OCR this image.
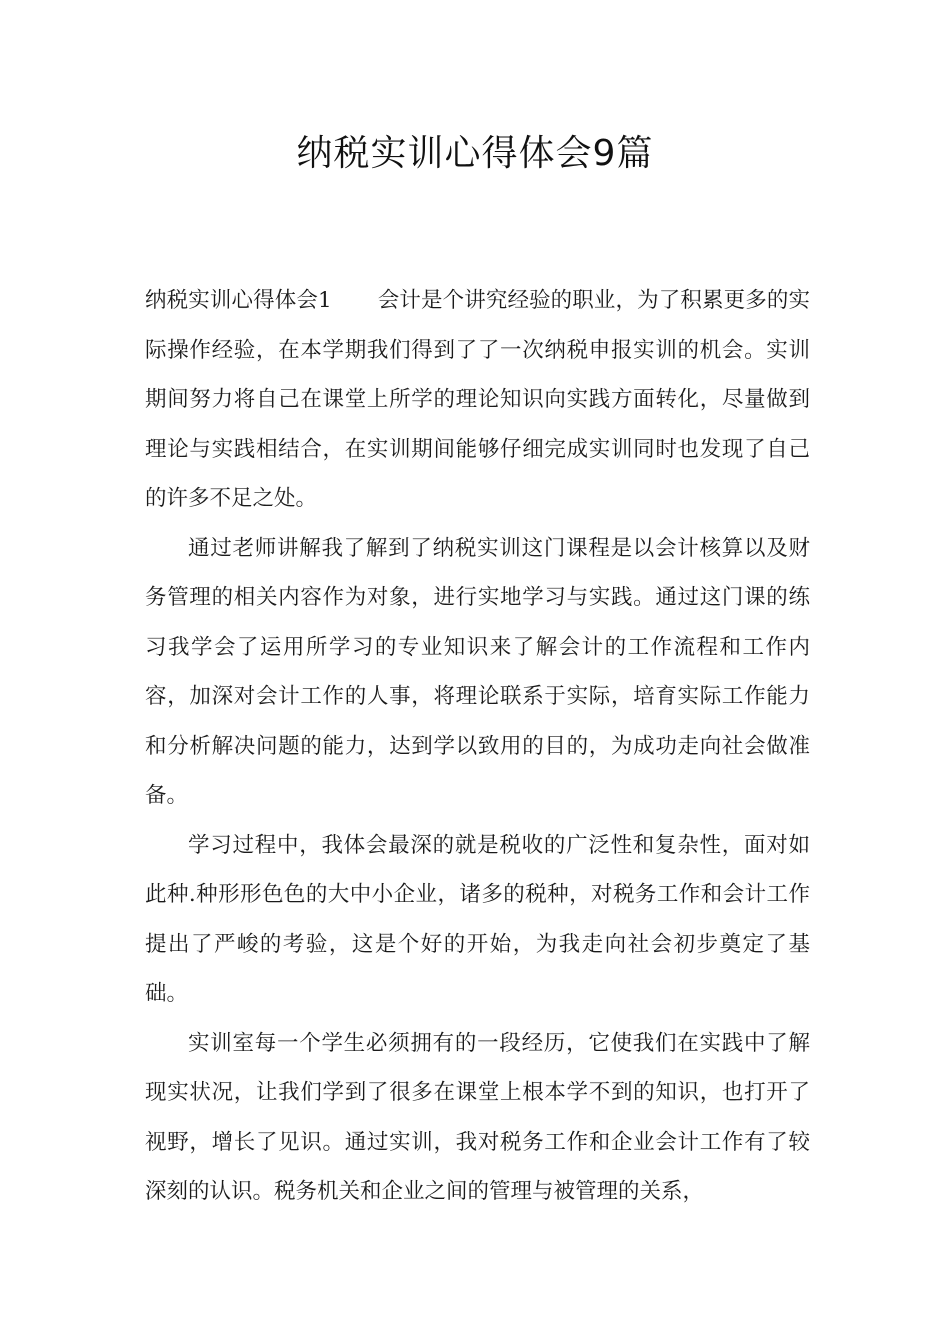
纳税实训心得体会9篇

纳税实训心得体会1 会计是个讲究经验的职业，为了积累更多的实际操作经验，在本学期我们得到了了一次纳税申报实训的机会。实训期间努力将自己在课堂上所学的理论知识向实践方面转化，尽量做到理论与实践相结合，在实训期间能够仔细完成实训同时也发现了自己的许多不足之处。

通过老师讲解我了解到了纳税实训这门课程是以会计核算以及财务管理的相关内容作为对象，进行实地学习与实践。通过这门课的练习我学会了运用所学习的专业知识来了解会计的工作流程和工作内容，加深对会计工作的人事，将理论联系于实际，培育实际工作能力和分析解决问题的能力，达到学以致用的目的，为成功走向社会做准备。

学习过程中，我体会最深的就是税收的广泛性和复杂性，面对如此种.种形形色色的大中小企业，诸多的税种，对税务工作和会计工作提出了严峻的考验，这是个好的开始，为我走向社会初步奠定了基础。

实训室每一个学生必须拥有的一段经历，它使我们在实践中了解现实状况，让我们学到了很多在课堂上根本学不到的知识，也打开了视野，增长了见识。通过实训，我对税务工作和企业会计工作有了较深刻的认识。税务机关和企业之间的管理与被管理的关系，
